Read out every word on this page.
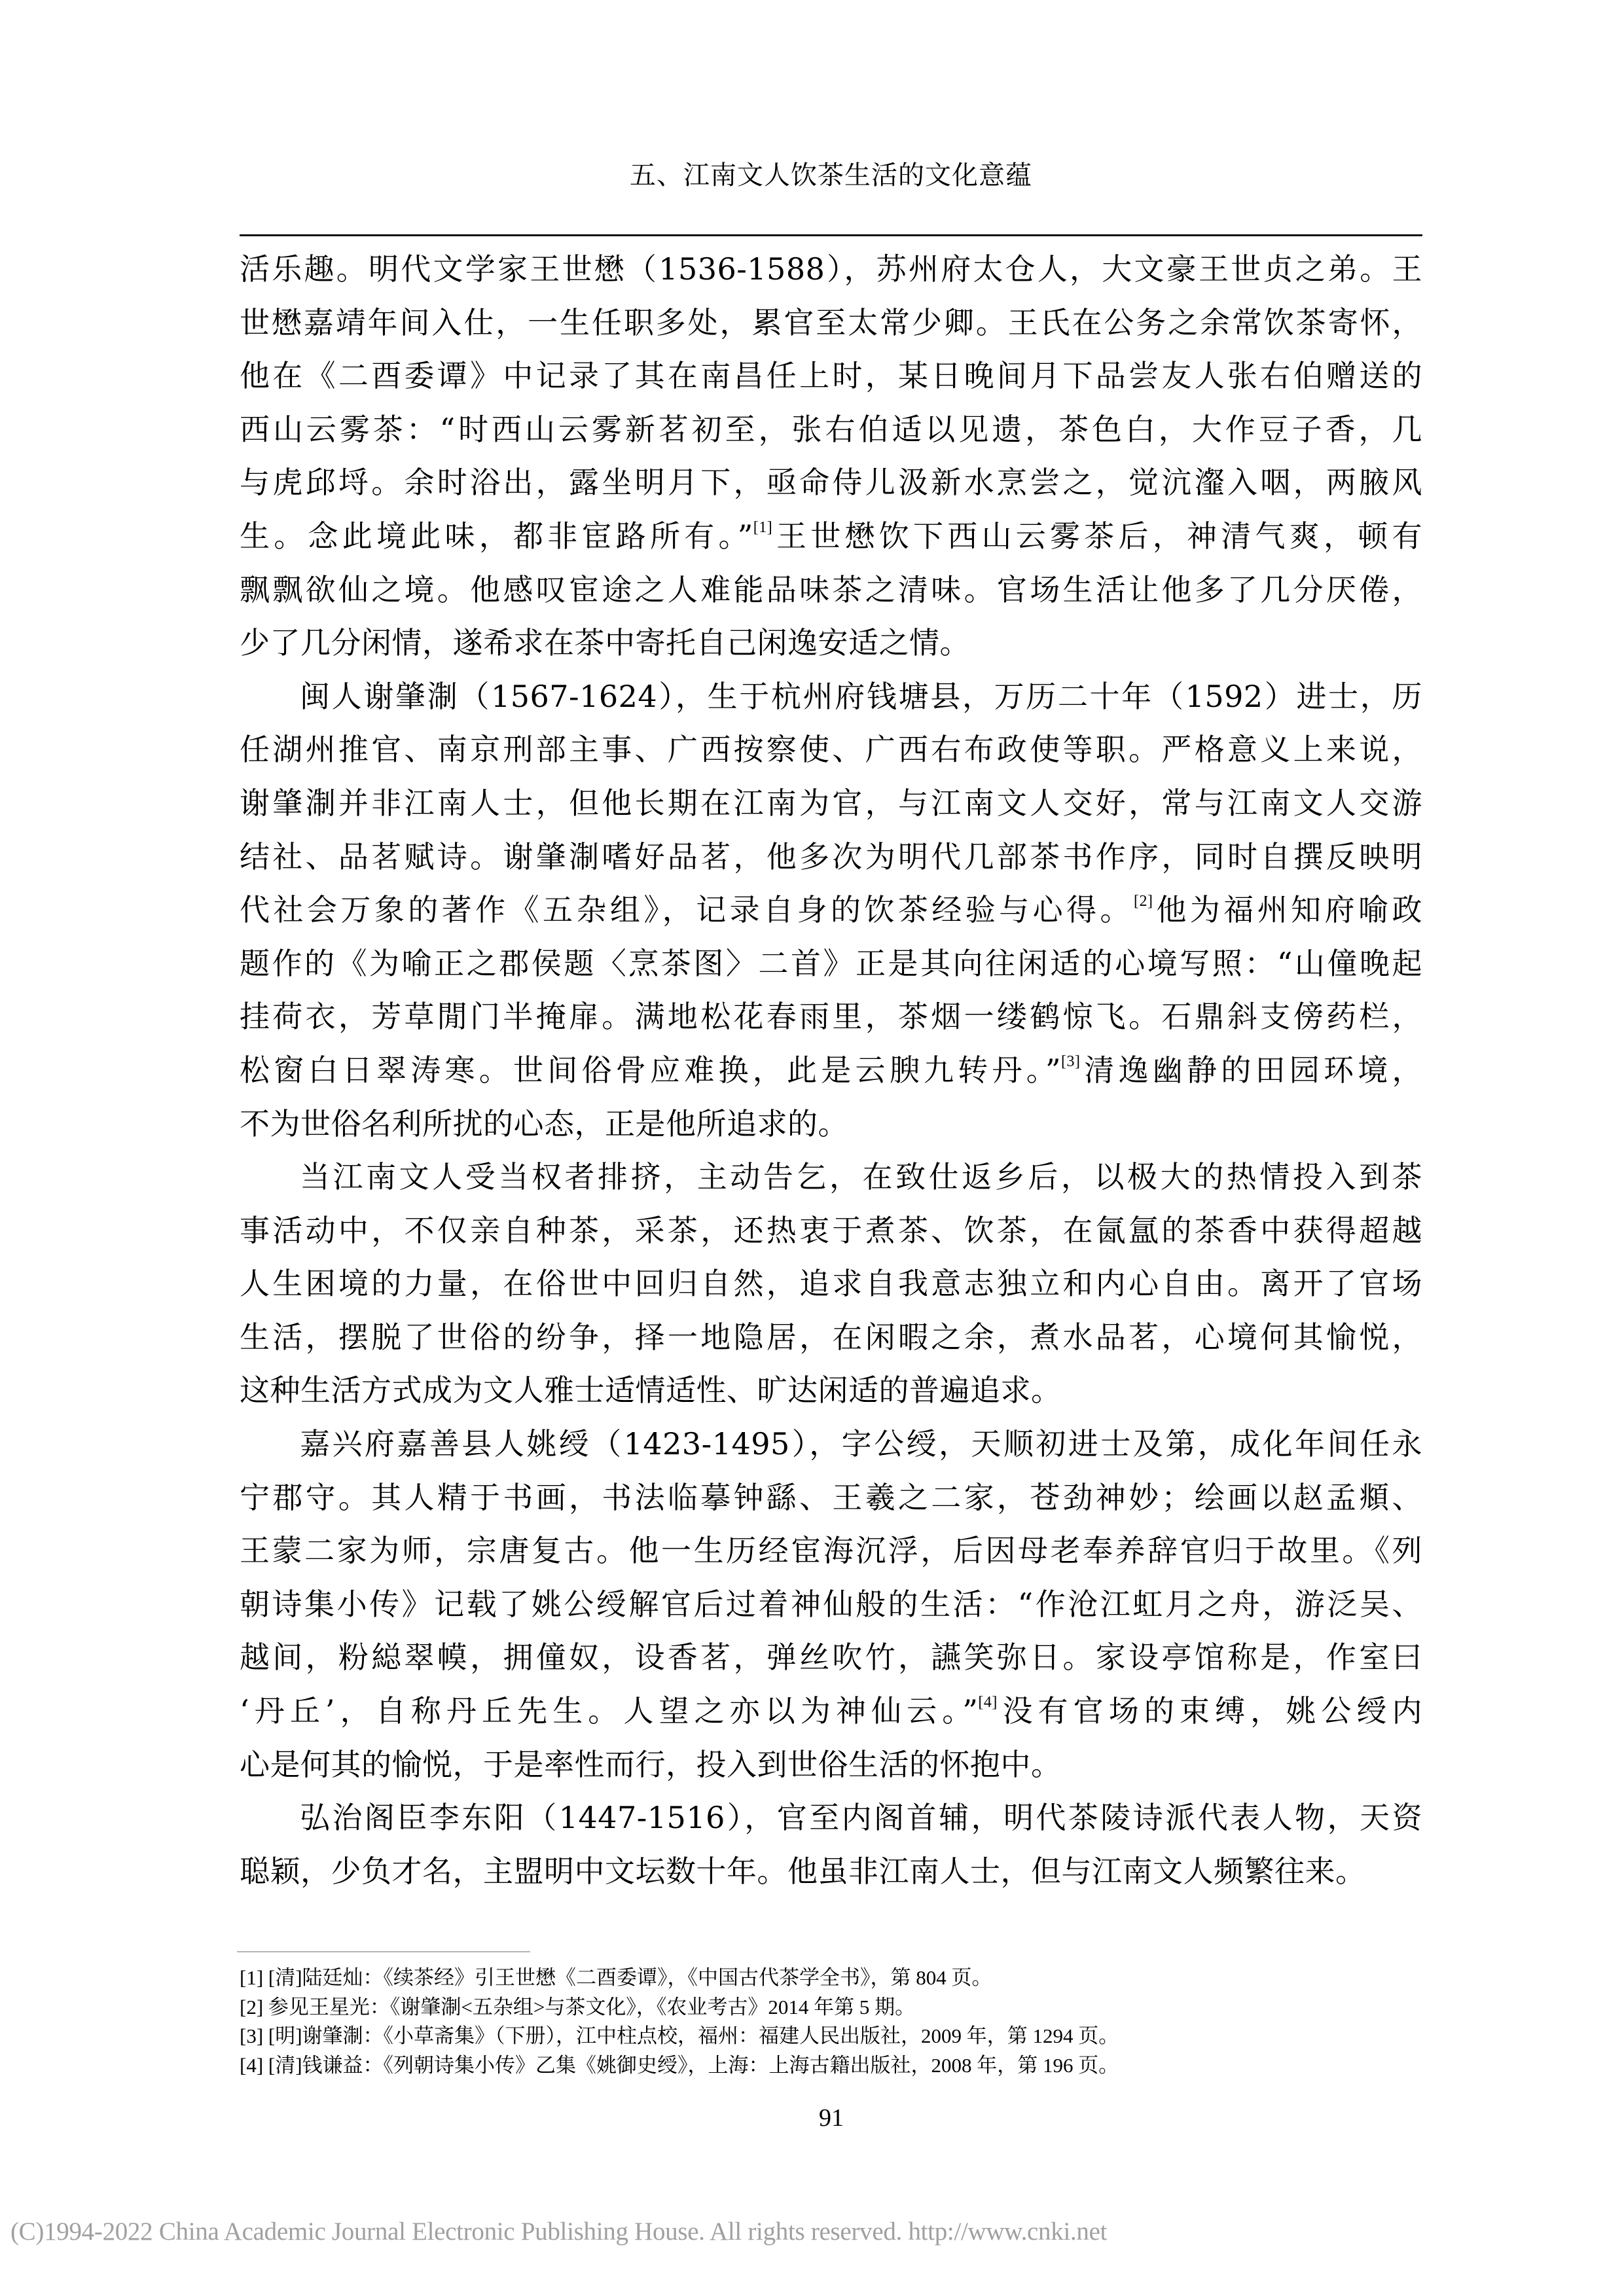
五、江南文人饮茶生活的文化意蕴
活乐趣。明代文学家王世懋（1536-1588），苏州府太仓人，大文豪王世贞之弟。王
世懋嘉靖年间入仕，一生任职多处，累官至太常少卿。王氏在公务之余常饮茶寄怀，
他在《二酉委谭》中记录了其在南昌任上时，某日晚间月下品尝友人张右伯赠送的
西山云雾茶：“时西山云雾新茗初至，张右伯适以见遗，茶色白，大作豆子香，几
与虎邱埒。余时浴出，露坐明月下，亟命侍儿汲新水烹尝之，觉沆瀣入咽，两腋风
生。念此境此味，都非宦路所有。”[1]王世懋饮下西山云雾茶后，神清气爽，顿有
飘飘欲仙之境。他感叹宦途之人难能品味茶之清味。官场生活让他多了几分厌倦，
少了几分闲情，遂希求在茶中寄托自己闲逸安适之情。
闽人谢肇淛（1567-1624），生于杭州府钱塘县，万历二十年（1592）进士，历
任湖州推官、南京刑部主事、广西按察使、广西右布政使等职。严格意义上来说，
谢肇淛并非江南人士，但他长期在江南为官，与江南文人交好，常与江南文人交游
结社、品茗赋诗。谢肇淛嗜好品茗，他多次为明代几部茶书作序，同时自撰反映明
代社会万象的著作《五杂组》，记录自身的饮茶经验与心得。[2]他为福州知府喻政
题作的《为喻正之郡侯题〈烹茶图〉二首》正是其向往闲适的心境写照：“山僮晚起
挂荷衣，芳草閒门半掩扉。满地松花春雨里，茶烟一缕鹤惊飞。石鼎斜支傍药栏，
松窗白日翠涛寒。世间俗骨应难换，此是云腴九转丹。”[3]清逸幽静的田园环境，
不为世俗名利所扰的心态，正是他所追求的。
当江南文人受当权者排挤，主动告乞，在致仕返乡后，以极大的热情投入到茶
事活动中，不仅亲自种茶，采茶，还热衷于煮茶、饮茶，在氤氲的茶香中获得超越
人生困境的力量，在俗世中回归自然，追求自我意志独立和内心自由。离开了官场
生活，摆脱了世俗的纷争，择一地隐居，在闲暇之余，煮水品茗，心境何其愉悦，
这种生活方式成为文人雅士适情适性、旷达闲适的普遍追求。
嘉兴府嘉善县人姚绶（1423-1495），字公绶，天顺初进士及第，成化年间任永
宁郡守。其人精于书画，书法临摹钟繇、王羲之二家，苍劲神妙；绘画以赵孟頫、
王蒙二家为师，宗唐复古。他一生历经宦海沉浮，后因母老奉养辞官归于故里。《列
朝诗集小传》记载了姚公绶解官后过着神仙般的生活：“作沧江虹月之舟，游泛吴、
越间，粉縂翠幙，拥僮奴，设香茗，弹丝吹竹，讌笑弥日。家设亭馆称是，作室曰
‘丹丘’，自称丹丘先生。人望之亦以为神仙云。”[4]没有官场的束缚，姚公绶内
心是何其的愉悦，于是率性而行，投入到世俗生活的怀抱中。
弘治阁臣李东阳（1447-1516），官至内阁首辅，明代茶陵诗派代表人物，天资
聪颖，少负才名，主盟明中文坛数十年。他虽非江南人士，但与江南文人频繁往来。
[1] [清]陆廷灿：《续茶经》引王世懋《二酉委谭》，《中国古代茶学全书》，第 804 页。
[2] 参见王星光：《谢肇淛<五杂组>与茶文化》，《农业考古》2014 年第 5 期。
[3] [明]谢肇淛：《小草斋集》（下册），江中柱点校，福州：福建人民出版社，2009 年，第 1294 页。
[4] [清]钱谦益：《列朝诗集小传》乙集《姚御史绶》，上海：上海古籍出版社，2008 年，第 196 页。
91
(C)1994-2022 China Academic Journal Electronic Publishing House. All rights reserved. http://www.cnki.net
